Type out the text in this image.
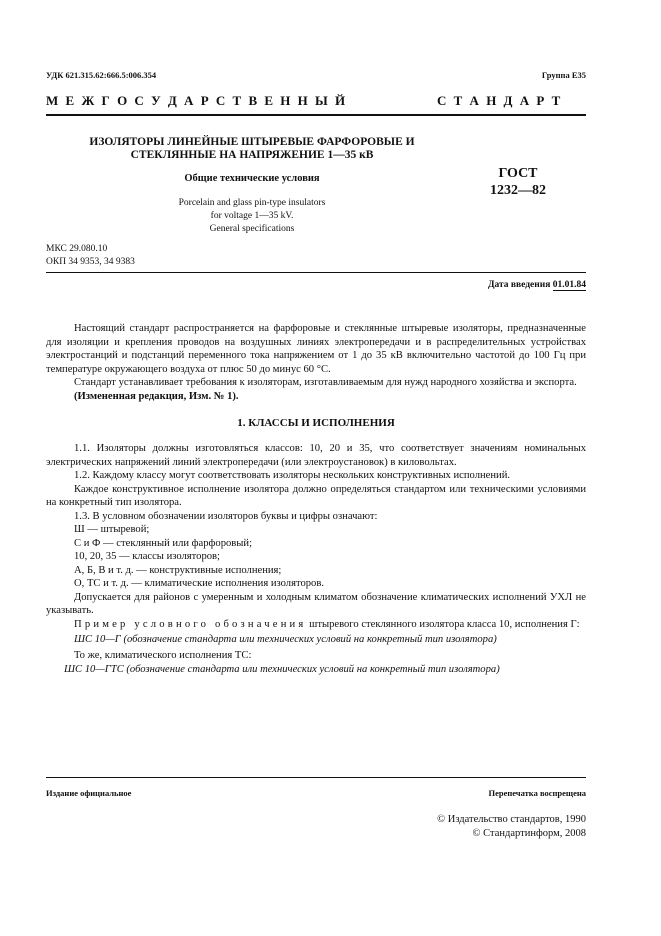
УДК 621.315.62:666.5:006.354	Группа Е35
М Е Ж Г О С У Д А Р С Т В Е Н Н Ы Й	С Т А Н Д А Р Т
ИЗОЛЯТОРЫ ЛИНЕЙНЫЕ ШТЫРЕВЫЕ ФАРФОРОВЫЕ И
СТЕКЛЯННЫЕ НА НАПРЯЖЕНИЕ 1—35 кВ
Общие технические условия
Porcelain and glass pin-type insulators
for voltage 1—35 kV.
General specifications
ГОСТ
1232—82
МКС 29.080.10
ОКП 34 9353, 34 9383
Дата введения 01.01.84
Настоящий стандарт распространяется на фарфоровые и стеклянные штыревые изоляторы, предназначенные для изоляции и крепления проводов на воздушных линиях электропередачи и в распределительных устройствах электростанций и подстанций переменного тока напряжением от 1 до 35 кВ включительно частотой до 100 Гц при температуре окружающего воздуха от плюс 50 до минус 60 °С.
Стандарт устанавливает требования к изоляторам, изготавливаемым для нужд народного хозяйства и экспорта.
(Измененная редакция, Изм. № 1).
1. КЛАССЫ И ИСПОЛНЕНИЯ
1.1. Изоляторы должны изготовляться классов: 10, 20 и 35, что соответствует значениям номинальных электрических напряжений линий электропередачи (или электроустановок) в киловольтах.
1.2. Каждому классу могут соответствовать изоляторы нескольких конструктивных исполнений.
Каждое конструктивное исполнение изолятора должно определяться стандартом или техническими условиями на конкретный тип изолятора.
1.3. В условном обозначении изоляторов буквы и цифры означают:
Ш — штыревой;
С и Ф — стеклянный или фарфоровый;
10, 20, 35 — классы изоляторов;
А, Б, В и т. д. — конструктивные исполнения;
О, ТС и т. д. — климатические исполнения изоляторов.
Допускается для районов с умеренным и холодным климатом обозначение климатических исполнений УХЛ не указывать.
Пример условного обозначения штыревого стеклянного изолятора класса 10, исполнения Г:
ШС 10—Г (обозначение стандарта или технических условий на конкретный тип изолятора)
То же, климатического исполнения ТС:
ШС 10—ГТС (обозначение стандарта или технических условий на конкретный тип изолятора)
Издание официальное	Перепечатка воспрещена
© Издательство стандартов, 1990
© Стандартинформ, 2008
